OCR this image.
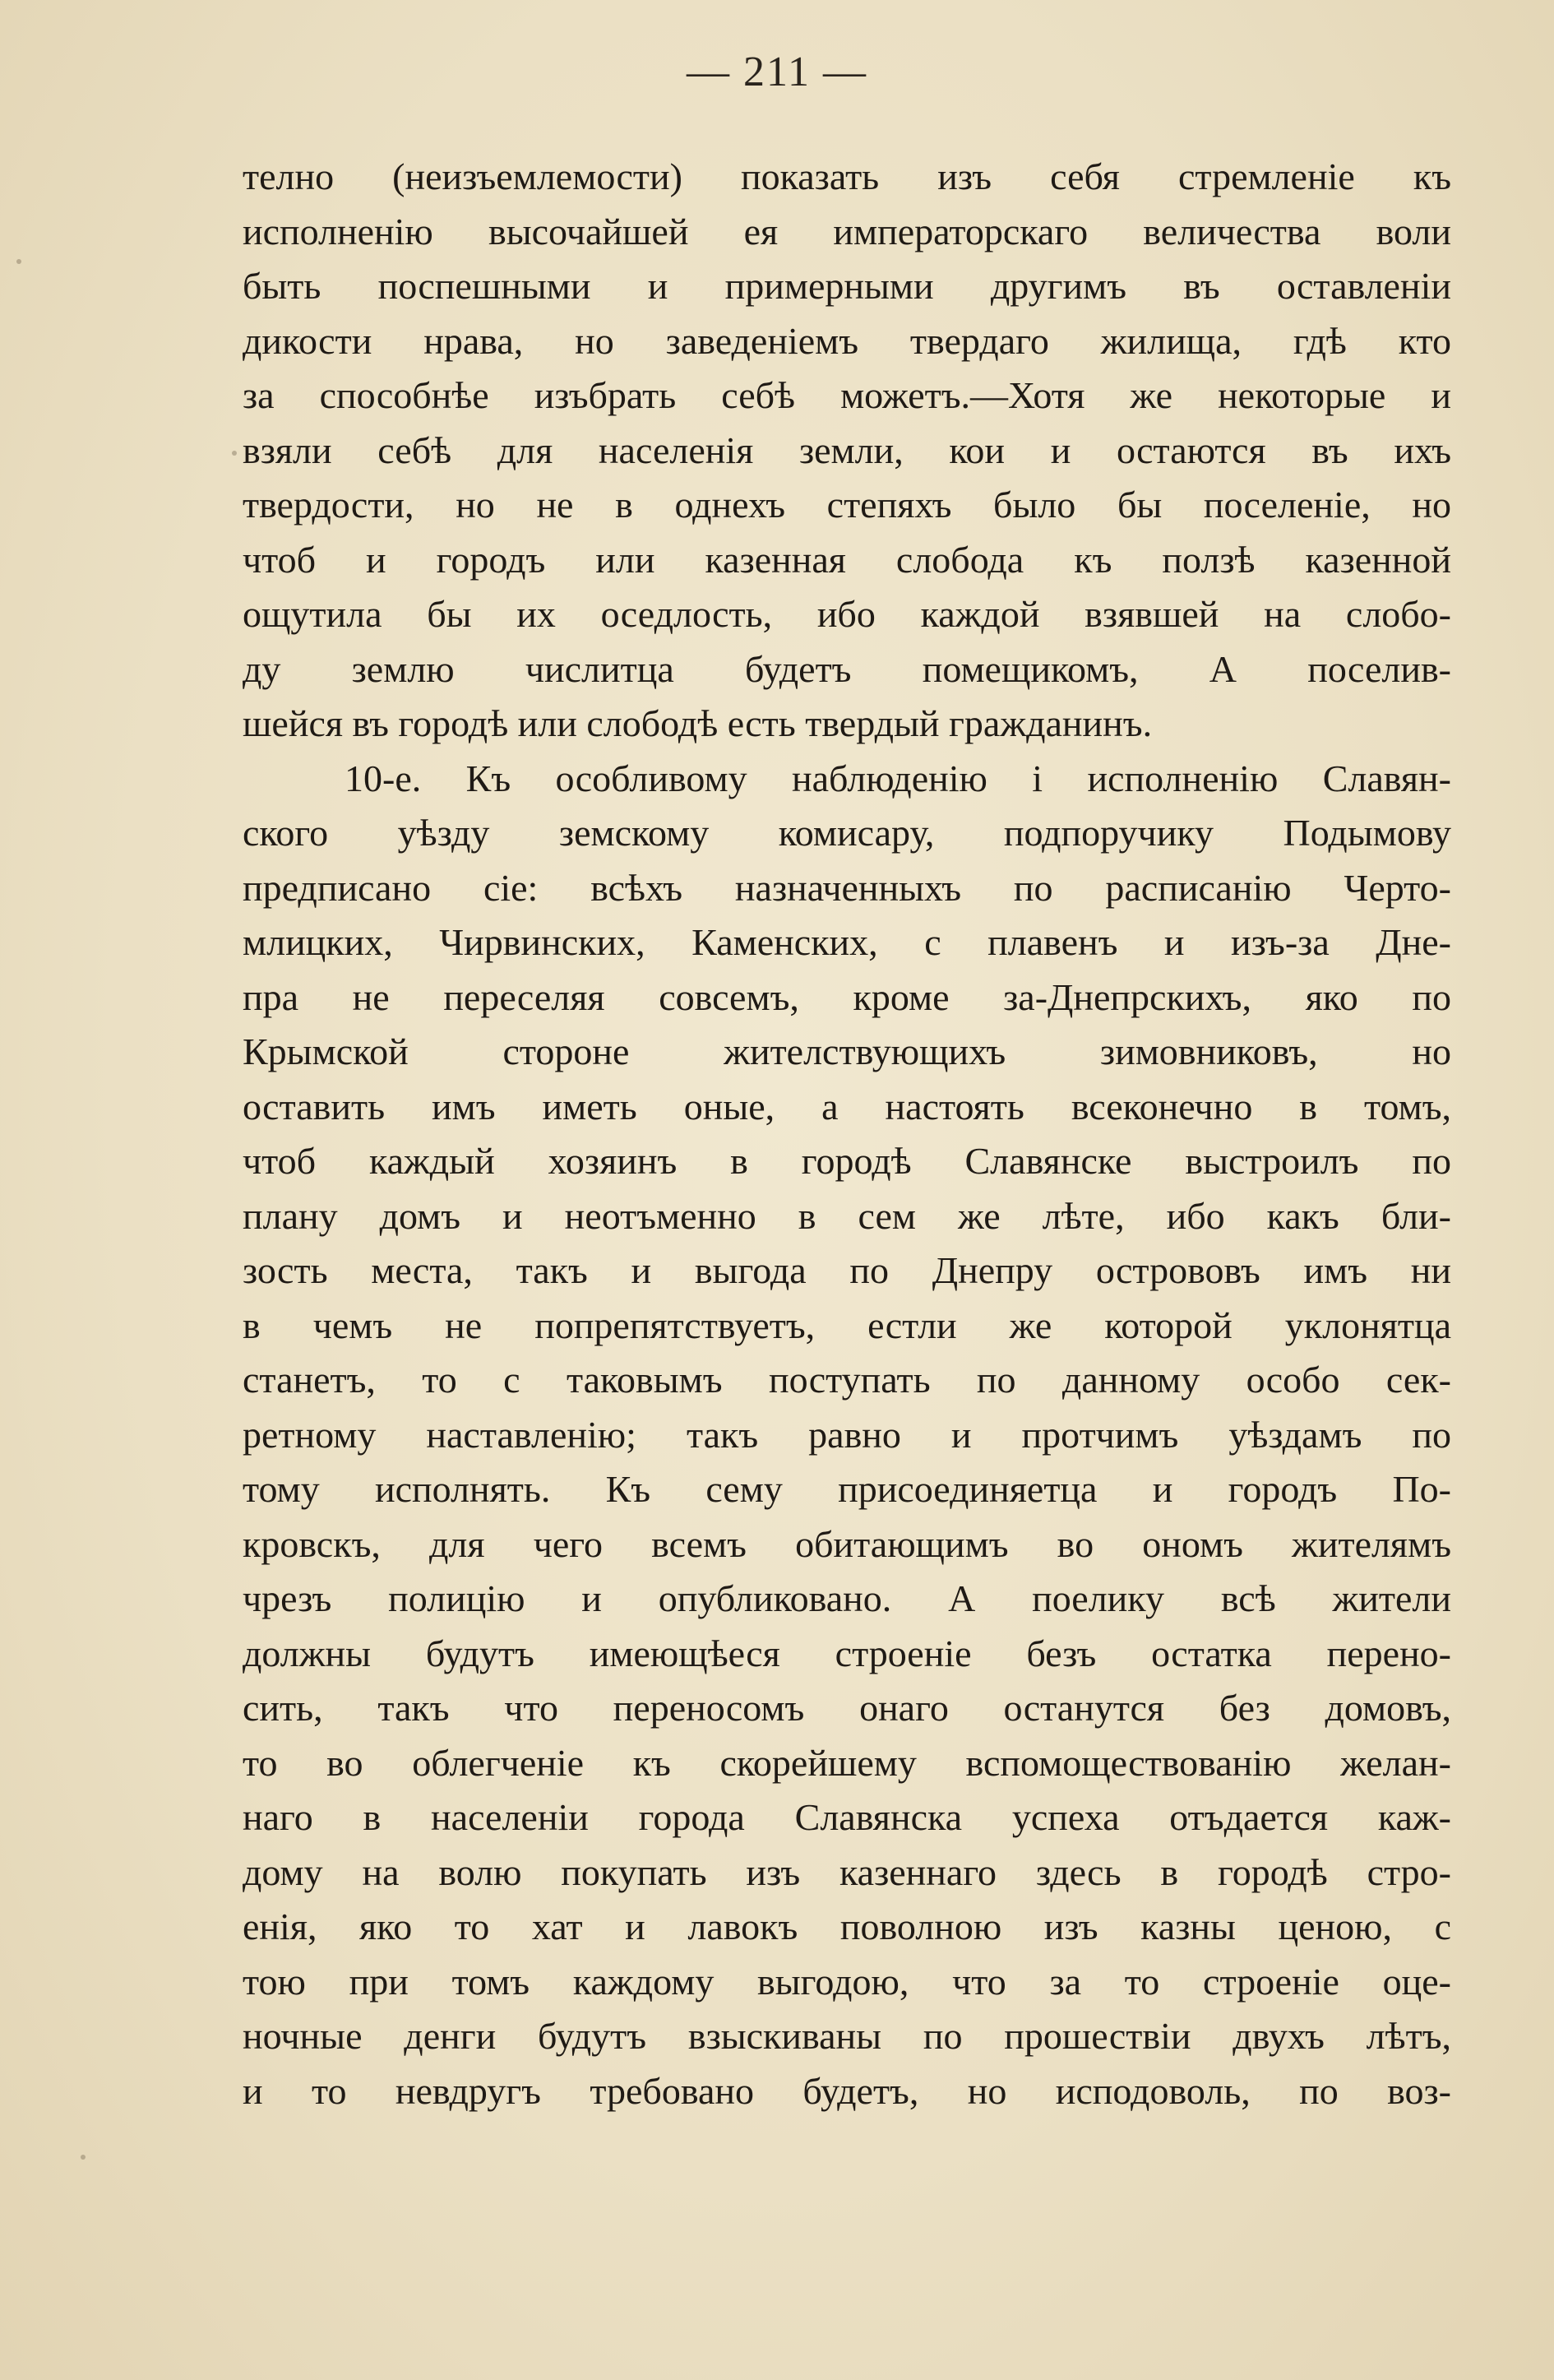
— 211 —
телно (неизъемлемости) показать изъ себя стремленіе къ
исполненію высочайшей ея императорскаго величества воли
быть поспешными и примерными другимъ въ оставленіи
дикости нрава, но заведеніемъ твердаго жилища, гдѣ кто
за способнѣе изъбрать себѣ можетъ.—Хотя же некоторые и
взяли себѣ для населенія земли, кои и остаются въ ихъ
твердости, но не в однехъ степяхъ было бы поселеніе, но
чтоб и городъ или казенная слобода къ ползѣ казенной
ощутила бы их оседлость, ибо каждой взявшей на слобо-
ду землю числитца будетъ помещикомъ, А поселив-
шейся въ городѣ или слободѣ есть твердый гражданинъ.
10-е. Къ особливому наблюденію і исполненію Славян-
ского уѣзду земскому комисару, подпоручику Подымову
предписано сіе: всѣхъ назначенныхъ по расписанію Черто-
млицких, Чирвинских, Каменских, с плавенъ и изъ-за Дне-
пра не переселяя совсемъ, кроме за-Днепрскихъ, яко по
Крымской стороне жителствующихъ зимовниковъ, но
оставить имъ иметь оные, а настоять всеконечно в томъ,
чтоб каждый хозяинъ в городѣ Славянске выстроилъ по
плану домъ и неотъменно в сем же лѣте, ибо какъ бли-
зость места, такъ и выгода по Днепру острововъ имъ ни
в чемъ не попрепятствуетъ, естли же которой уклонятца
станетъ, то с таковымъ поступать по данному особо сек-
ретному наставленію; такъ равно и протчимъ уѣздамъ по
тому исполнять. Къ сему присоединяетца и городъ По-
кровскъ, для чего всемъ обитающимъ во ономъ жителямъ
чрезъ полицію и опубликовано. А поелику всѣ жители
должны будутъ имеющѣеся строеніе безъ остатка перено-
сить, такъ что переносомъ онаго останутся без домовъ,
то во облегченіе къ скорейшему вспомоществованію желан-
наго в населеніи города Славянска успеха отъдается каж-
дому на волю покупать изъ казеннаго здесь в городѣ стро-
енія, яко то хат и лавокъ поволною изъ казны ценою, с
тою при томъ каждому выгодою, что за то строеніе оце-
ночные денги будутъ взыскиваны по прошествіи двухъ лѣтъ,
и то невдругъ требовано будетъ, но исподоволь, по воз-
